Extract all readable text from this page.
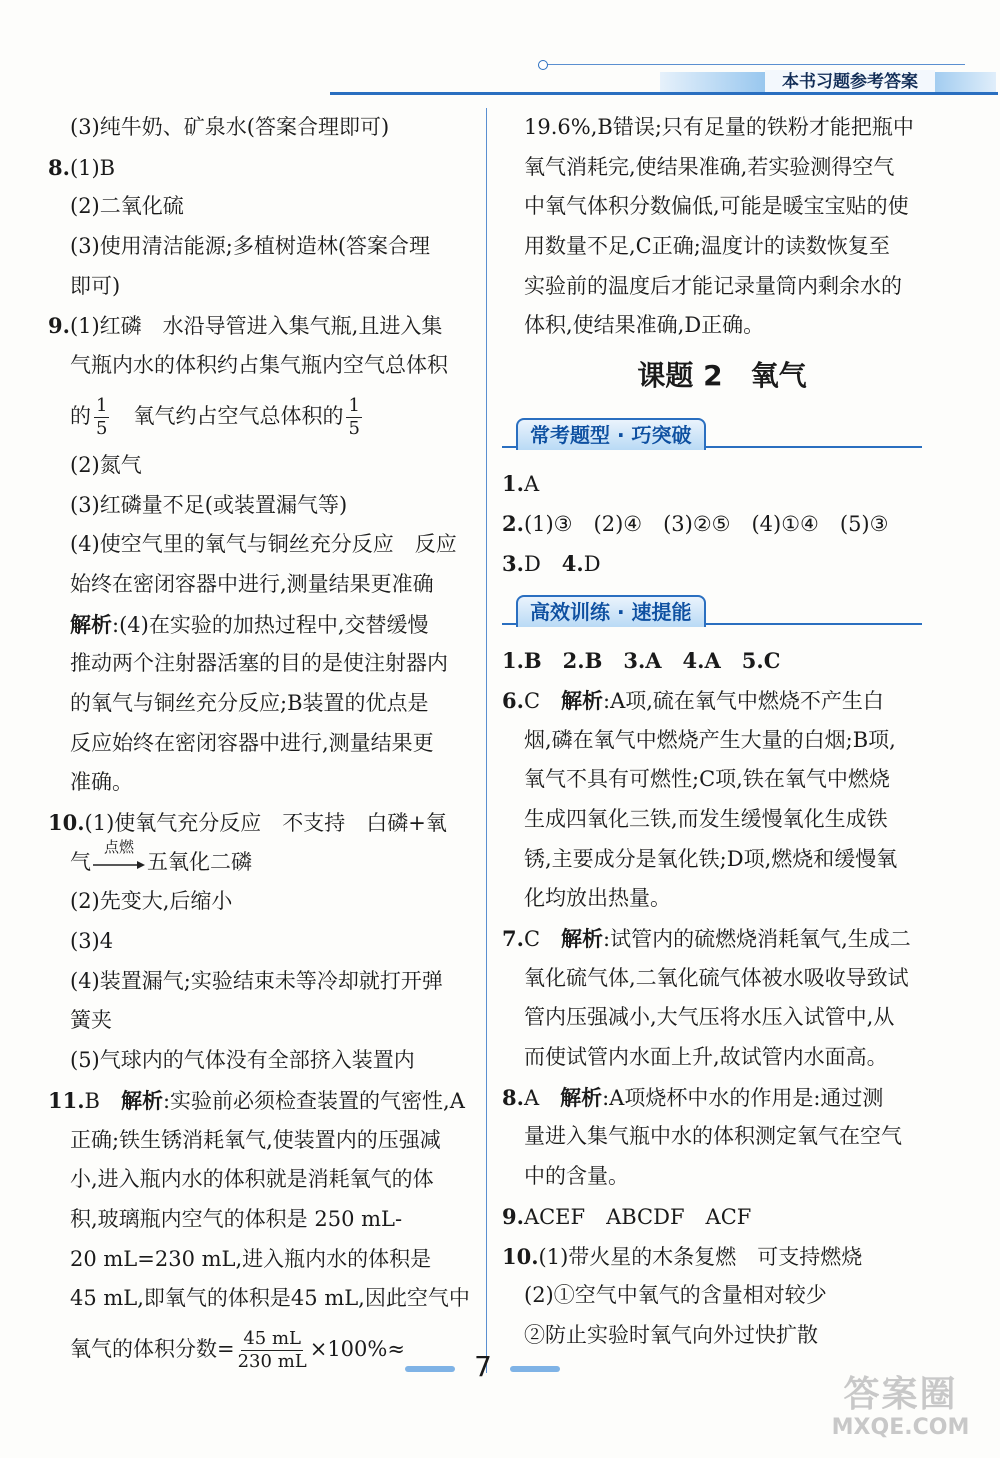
本书习题参考答案
(3)纯牛奶、矿泉水(答案合理即可)
8.(1)B
(2)二氧化硫
(3)使用清洁能源;多植树造林(答案合理
即可)
9.(1)红磷　水沿导管进入集气瓶,且进入集
气瓶内水的体积约占集气瓶内空气总体积
的 $\frac{1}{5}$ 　氧气约占空气总体积的 $\frac{1}{5}$
(2)氮气
(3)红磷量不足(或装置漏气等)
(4)使空气里的氧气与铜丝充分反应　反应
始终在密闭容器中进行,测量结果更准确
解析:(4)在实验的加热过程中,交替缓慢
推动两个注射器活塞的目的是使注射器内
的氧气与铜丝充分反应;B装置的优点是
反应始终在密闭容器中进行,测量结果更
准确。
10.(1)使氧气充分反应　不支持　白磷+氧
气
点燃
五氧化二磷
(2)先变大,后缩小
(3)4
(4)装置漏气;实验结束未等冷却就打开弹
簧夹
(5)气球内的气体没有全部挤入装置内
11.B　解析:实验前必须检查装置的气密性,A
正确;铁生锈消耗氧气,使装置内的压强减
小,进入瓶内水的体积就是消耗氧气的体
积,玻璃瓶内空气的体积是 250 mL-
20 mL=230 mL,进入瓶内水的体积是
45 mL,即氧气的体积是45 mL,因此空气中
氧气的体积分数= $\frac{45 mL}{230 mL} \times 100\%\approx$
19.6%,B错误;只有足量的铁粉才能把瓶中
氧气消耗完,使结果准确,若实验测得空气
中氧气体积分数偏低,可能是暖宝宝贴的使
用数量不足,C正确;温度计的读数恢复至
实验前的温度后才能记录量筒内剩余水的
体积,使结果准确,D正确。
课题 2　氧气
常考题型 · 巧突破
1.A
2.(1)③　(2)④　(3)②⑤　(4)①④　(5)③
3.D　4.D
高效训练 · 速提能
1.B　2.B　3.A　4.A　5.C
6.C　解析:A项,硫在氧气中燃烧不产生白
烟,磷在氧气中燃烧产生大量的白烟;B项,
氧气不具有可燃性;C项,铁在氧气中燃烧
生成四氧化三铁,而发生缓慢氧化生成铁
锈,主要成分是氧化铁;D项,燃烧和缓慢氧
化均放出热量。
7.C　解析:试管内的硫燃烧消耗氧气,生成二
氧化硫气体,二氧化硫气体被水吸收导致试
管内压强减小,大气压将水压入试管中,从
而使试管内水面上升,故试管内水面高。
8.A　解析:A项烧杯中水的作用是:通过测
量进入集气瓶中水的体积测定氧气在空气
中的含量。
9.ACEF　ABCDF　ACF
10.(1)带火星的木条复燃　可支持燃烧
(2)①空气中氧气的含量相对较少
②防止实验时氧气向外过快扩散
7
答案圈
MXQE.COM
